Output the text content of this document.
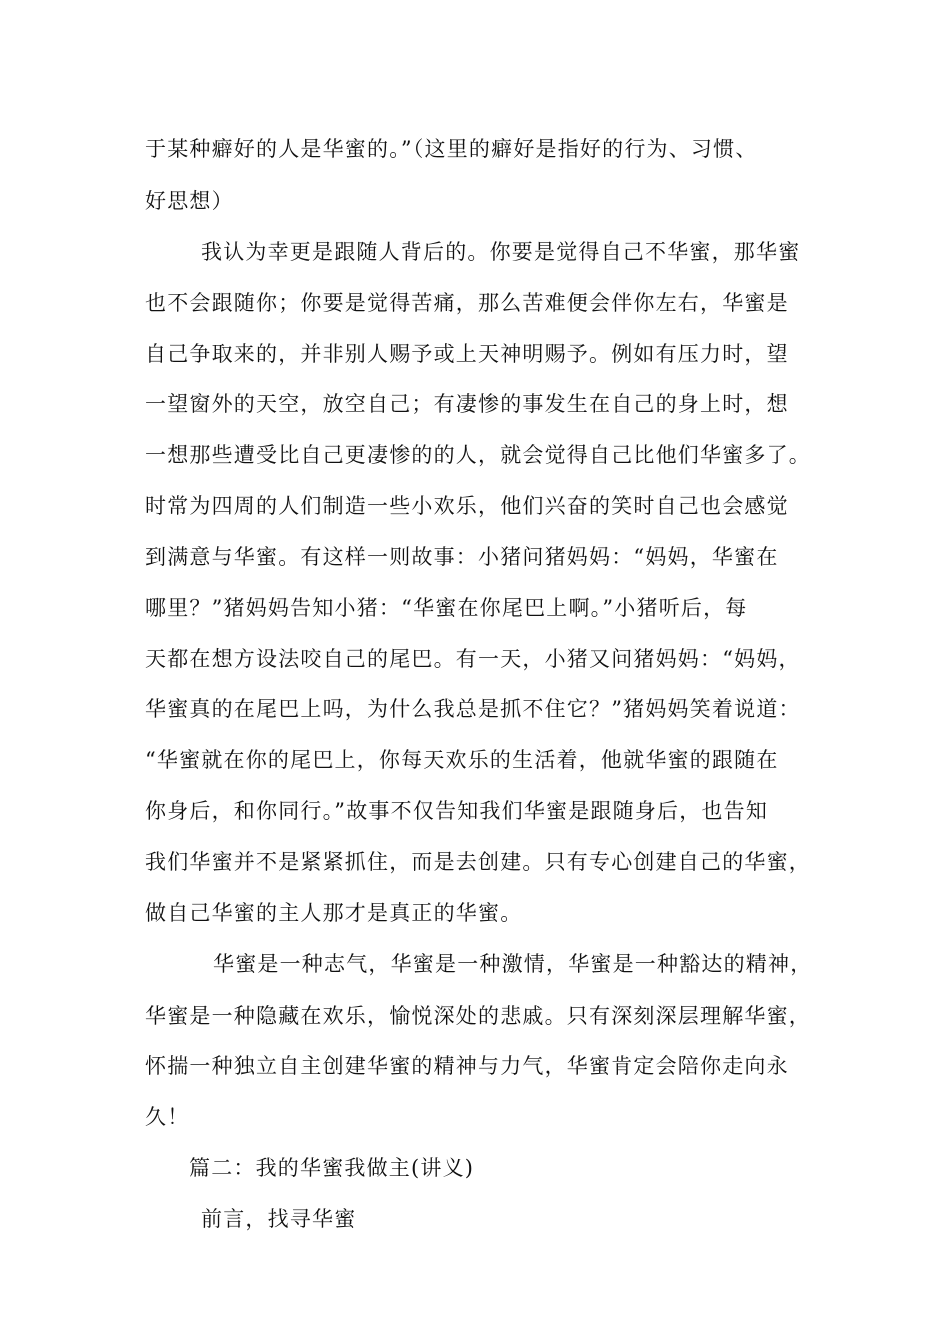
于某种癖好的人是华蜜的。”（这里的癖好是指好的行为、习惯、
好思想）
我认为幸更是跟随人背后的。你要是觉得自己不华蜜，那华蜜
也不会跟随你；你要是觉得苦痛，那么苦难便会伴你左右，华蜜是
自己争取来的，并非别人赐予或上天神明赐予。例如有压力时，望
一望窗外的天空，放空自己；有凄惨的事发生在自己的身上时，想
一想那些遭受比自己更凄惨的的人，就会觉得自己比他们华蜜多了。
时常为四周的人们制造一些小欢乐，他们兴奋的笑时自己也会感觉
到满意与华蜜。有这样一则故事：小猪问猪妈妈：“妈妈，华蜜在
哪里？”猪妈妈告知小猪：“华蜜在你尾巴上啊。”小猪听后，每
天都在想方设法咬自己的尾巴。有一天，小猪又问猪妈妈：“妈妈，
华蜜真的在尾巴上吗，为什么我总是抓不住它？”猪妈妈笑着说道：
“华蜜就在你的尾巴上，你每天欢乐的生活着，他就华蜜的跟随在
你身后，和你同行。”故事不仅告知我们华蜜是跟随身后，也告知
我们华蜜并不是紧紧抓住，而是去创建。只有专心创建自己的华蜜，
做自己华蜜的主人那才是真正的华蜜。
华蜜是一种志气，华蜜是一种激情，华蜜是一种豁达的精神，
华蜜是一种隐藏在欢乐，愉悦深处的悲戚。只有深刻深层理解华蜜，
怀揣一种独立自主创建华蜜的精神与力气，华蜜肯定会陪你走向永
久！
篇二：我的华蜜我做主(讲义)
前言，找寻华蜜
